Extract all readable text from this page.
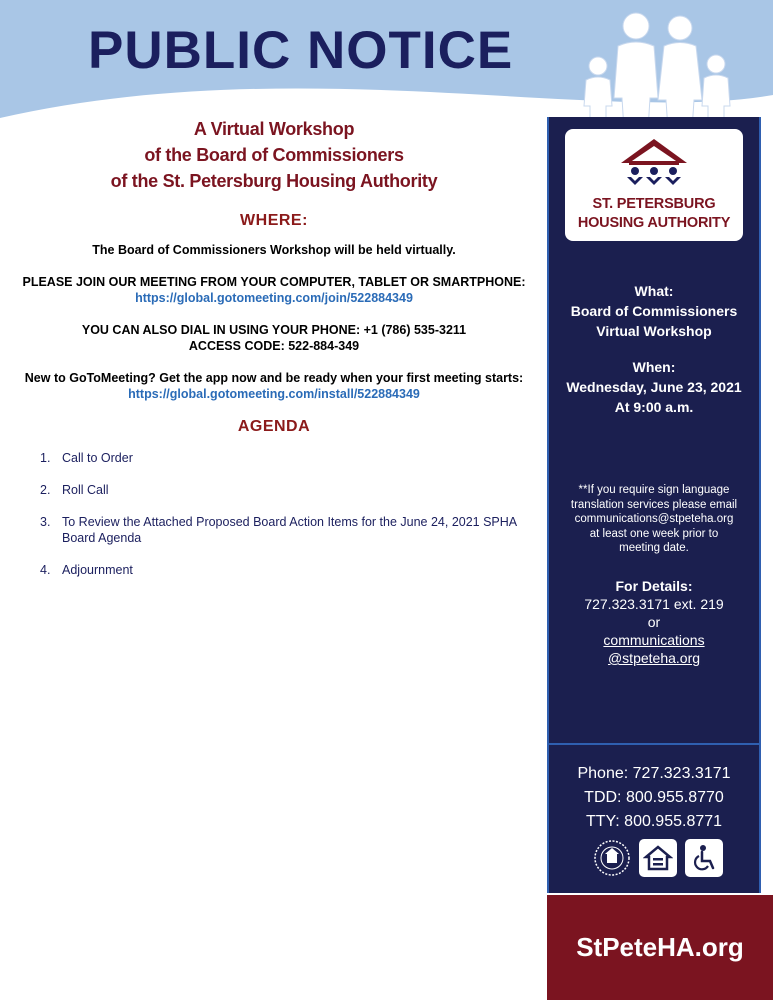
PUBLIC NOTICE
A Virtual Workshop
of the Board of Commissioners
of the St. Petersburg Housing Authority
WHERE:
The Board of Commissioners Workshop will be held virtually.
PLEASE JOIN OUR MEETING FROM YOUR COMPUTER, TABLET OR SMARTPHONE:
https://global.gotomeeting.com/join/522884349
YOU CAN ALSO DIAL IN USING YOUR PHONE: +1 (786) 535-3211
ACCESS CODE: 522-884-349
New to GoToMeeting? Get the app now and be ready when your first meeting starts:
https://global.gotomeeting.com/install/522884349
AGENDA
1. Call to Order
2. Roll Call
3. To Review the Attached Proposed Board Action Items for the June 24, 2021 SPHA Board Agenda
4. Adjournment
ST. PETERSBURG
HOUSING AUTHORITY
What:
Board of Commissioners
Virtual Workshop
When:
Wednesday, June 23, 2021
At 9:00 a.m.
**If you require sign language
translation services please email
communications@stpeteha.org
at least one week prior to
meeting date.
For Details:
727.323.3171 ext. 219
or
communications
@stpeteha.org
Phone: 727.323.3171
TDD: 800.955.8770
TTY: 800.955.8771
StPeteHA.org
